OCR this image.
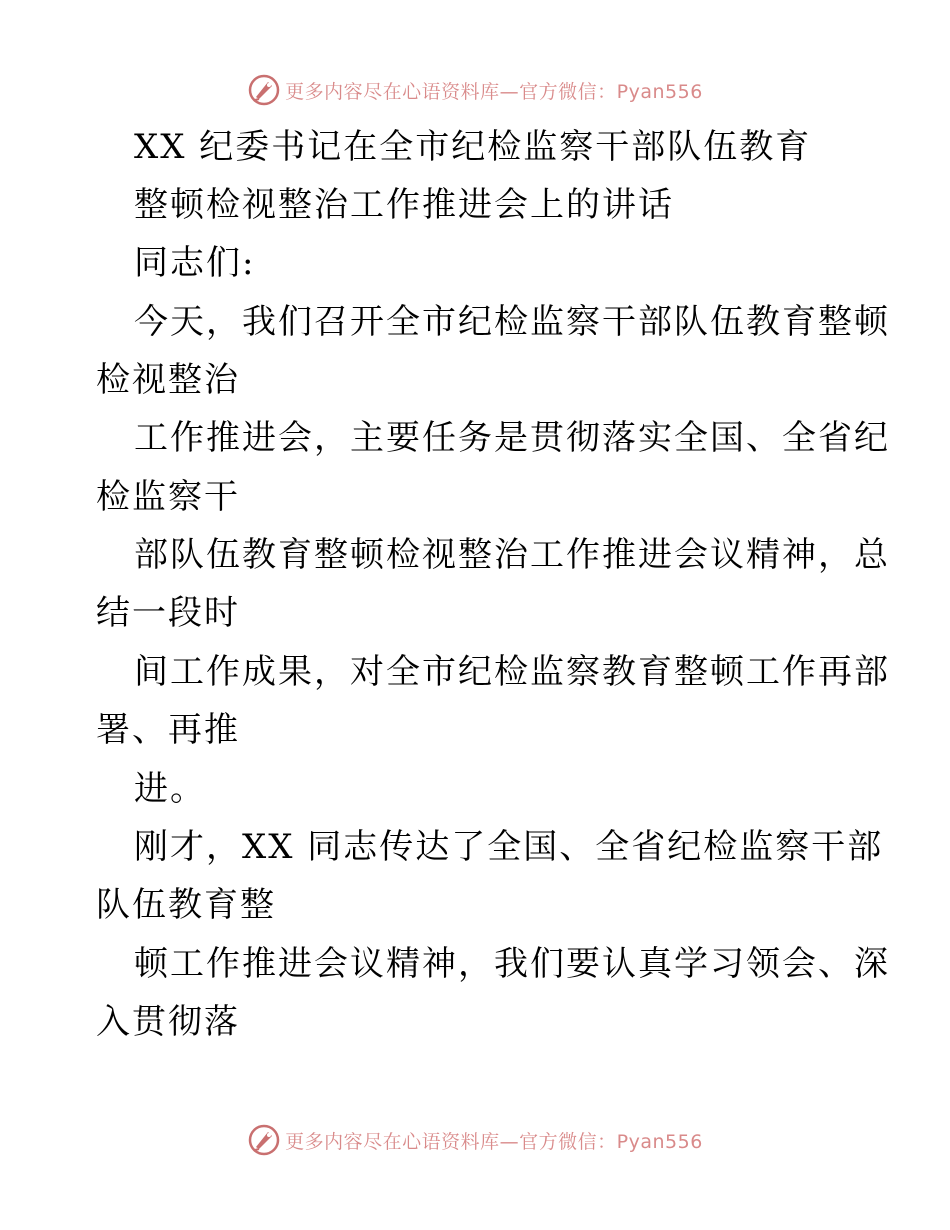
更多内容尽在心语资料库—官方微信：Pyan556
XX 纪委书记在全市纪检监察干部队伍教育
整顿检视整治工作推进会上的讲话
同志们:
今天，我们召开全市纪检监察干部队伍教育整顿
检视整治
工作推进会，主要任务是贯彻落实全国、全省纪
检监察干
部队伍教育整顿检视整治工作推进会议精神，总
结一段时
间工作成果，对全市纪检监察教育整顿工作再部
署、再推
进。
刚才，XX 同志传达了全国、全省纪检监察干部
队伍教育整
顿工作推进会议精神，我们要认真学习领会、深
入贯彻落
更多内容尽在心语资料库—官方微信：Pyan556
